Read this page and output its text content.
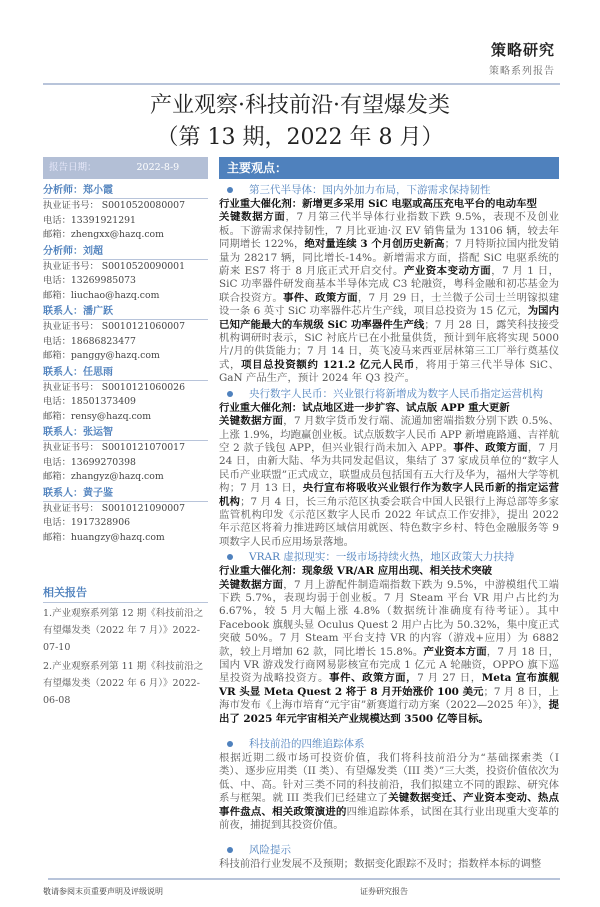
策略研究
策略系列报告
产业观察·科技前沿·有望爆发类
（第 13 期，2022 年 8 月）
报告日期：	2022-8-9	主要观点：
分析师：郑小霞
执业证书号： S0010520080007
电话：13391921291
邮箱：zhengxx@hazq.com
分析师：刘超
执业证书号： S0010520090001
电话：13269985073
邮箱：liuchao@hazq.com
联系人：潘广跃
执业证书号： S0010121060007
电话：18686823477
邮箱：panggy@hazq.com
联系人：任思雨
执业证书号： S0010121060026
电话：18501373409
邮箱：rensy@hazq.com
联系人：张运智
执业证书号： S0010121070017
电话：13699270398
邮箱：zhangyz@hazq.com
联系人：黄子鉴
执业证书号： S0010121090007
电话：1917328906
邮箱：huangzy@hazq.com
相关报告
1.产业观察系列第 12 期《科技前沿之有望爆发类（2022 年 7 月）》2022-07-10
2.产业观察系列第 11 期《科技前沿之有望爆发类（2022 年 6 月）》2022-06-08
第三代半导体：国内外加力布局，下游需求保持韧性
行业重大催化剂：新增更多采用 SiC 电驱或高压充电平台的电动车型
关键数据方面，7 月第三代半导体行业指数下跌 9.5%，表现不及创业板。下游需求保持韧性，7 月比亚迪·汉 EV 销售量为 13106 辆，较去年同期增长 122%，绝对量连续 3 个月创历史新高；7 月特斯拉国内批发销量为 28217 辆，同比增长-14%。新增需求方面，搭配 SiC 电驱系统的蔚来 ES7 将于 8 月底正式开启交付。产业资本变动方面，7 月 1 日，SiC 功率器件研发商基本半导体完成 C3 轮融资，粤科金融和初芯基金为联合投资方。事件、政策方面，7 月 29 日，士兰微子公司士兰明镓拟建设一条 6 英寸 SiC 功率器件芯片生产线，项目总投资为 15 亿元，为国内已知产能最大的车规级 SiC 功率器件生产线；7 月 28 日，露笑科技接受机构调研时表示，SiC 衬底片已在小批量供货，预计到年底将实现 5000 片/月的供货能力；7 月 14 日，英飞凌马来西亚居林第三工厂举行奠基仪式，项目总投资额约 121.2 亿元人民币，将用于第三代半导体 SiC、GaN 产品生产，预计 2024 年 Q3 投产。
央行数字人民币：兴业银行将新增成为数字人民币指定运营机构
行业重大催化剂：试点地区进一步扩容、试点版 APP 重大更新
关键数据方面，7 月数字货币发行端、流通加密端指数分别下跌 0.5%、上涨 1.9%，均跑赢创业板。试点版数字人民币 APP 新增鹿路通、吉祥航空 2 款子钱包 APP，但兴业银行尚未加入 APP。事件、政策方面，7 月 24 日，由新大陆、华为共同发起倡议，集结了 37 家成员单位的“数字人民币产业联盟”正式成立，联盟成员包括国有五大行及华为，福州大学等机构；7 月 13 日，央行宣布将吸收兴业银行作为数字人民币新的指定运营机构；7 月 4 日，长三角示范区执委会联合中国人民银行上海总部等多家监管机构印发《示范区数字人民币 2022 年试点工作安排》，提出 2022 年示范区将着力推进跨区域信用就医、特色数字乡村、特色金融服务等 9 项数字人民币应用场景落地。
VRAR 虚拟现实：一级市场持续火热，地区政策大力扶持
行业重大催化剂：现象级 VR/AR 应用出现、相关技术突破
关键数据方面，7 月上游配件制造端指数下跌为 9.5%，中游模组代工端下跌 5.7%，表现均弱于创业板。7 月 Steam 平台 VR 用户占比约为 6.67%，较 5 月大幅上涨 4.8%（数据统计准确度有待考证）。其中 Facebook 旗舰头显 Oculus Quest 2 用户占比为 50.32%，集中度正式突破 50%。7 月 Steam 平台支持 VR 的内容（游戏+应用）为 6882 款，较上月增加 62 款，同比增长 15.8%。产业资本方面，7 月 18 日，国内 VR 游戏发行商网易影核宣布完成 1 亿元 A 轮融资，OPPO 旗下巡星投资为战略投资方。事件、政策方面，7 月 27 日，Meta 宣布旗舰 VR 头显 Meta Quest 2 将于 8 月开始涨价 100 美元；7 月 8 日，上海市发布《上海市培育“元宇宙”新赛道行动方案（2022—2025 年）》，提出了 2025 年元宇宙相关产业规模达到 3500 亿等目标。
科技前沿的四维追踪体系
根据近期二级市场可投资价值，我们将科技前沿分为“基础探索类（I 类）、逐步应用类（II 类）、有望爆发类（III 类）”三大类，投资价值依次为低、中、高。针对三类不同的科技前沿，我们拟建立不同的跟踪、研究体系与框架。就 III 类我们已经建立了关键数据变迁、产业资本变动、热点事件盘点、相关政策演进的四维追踪体系，试图在其行业出现重大变革的前夜，捕捉到其投资价值。
风险提示
科技前沿行业发展不及预期；数据变化跟踪不及时；指数样本标的调整
敬请参阅末页重要声明及评级说明	证券研究报告
